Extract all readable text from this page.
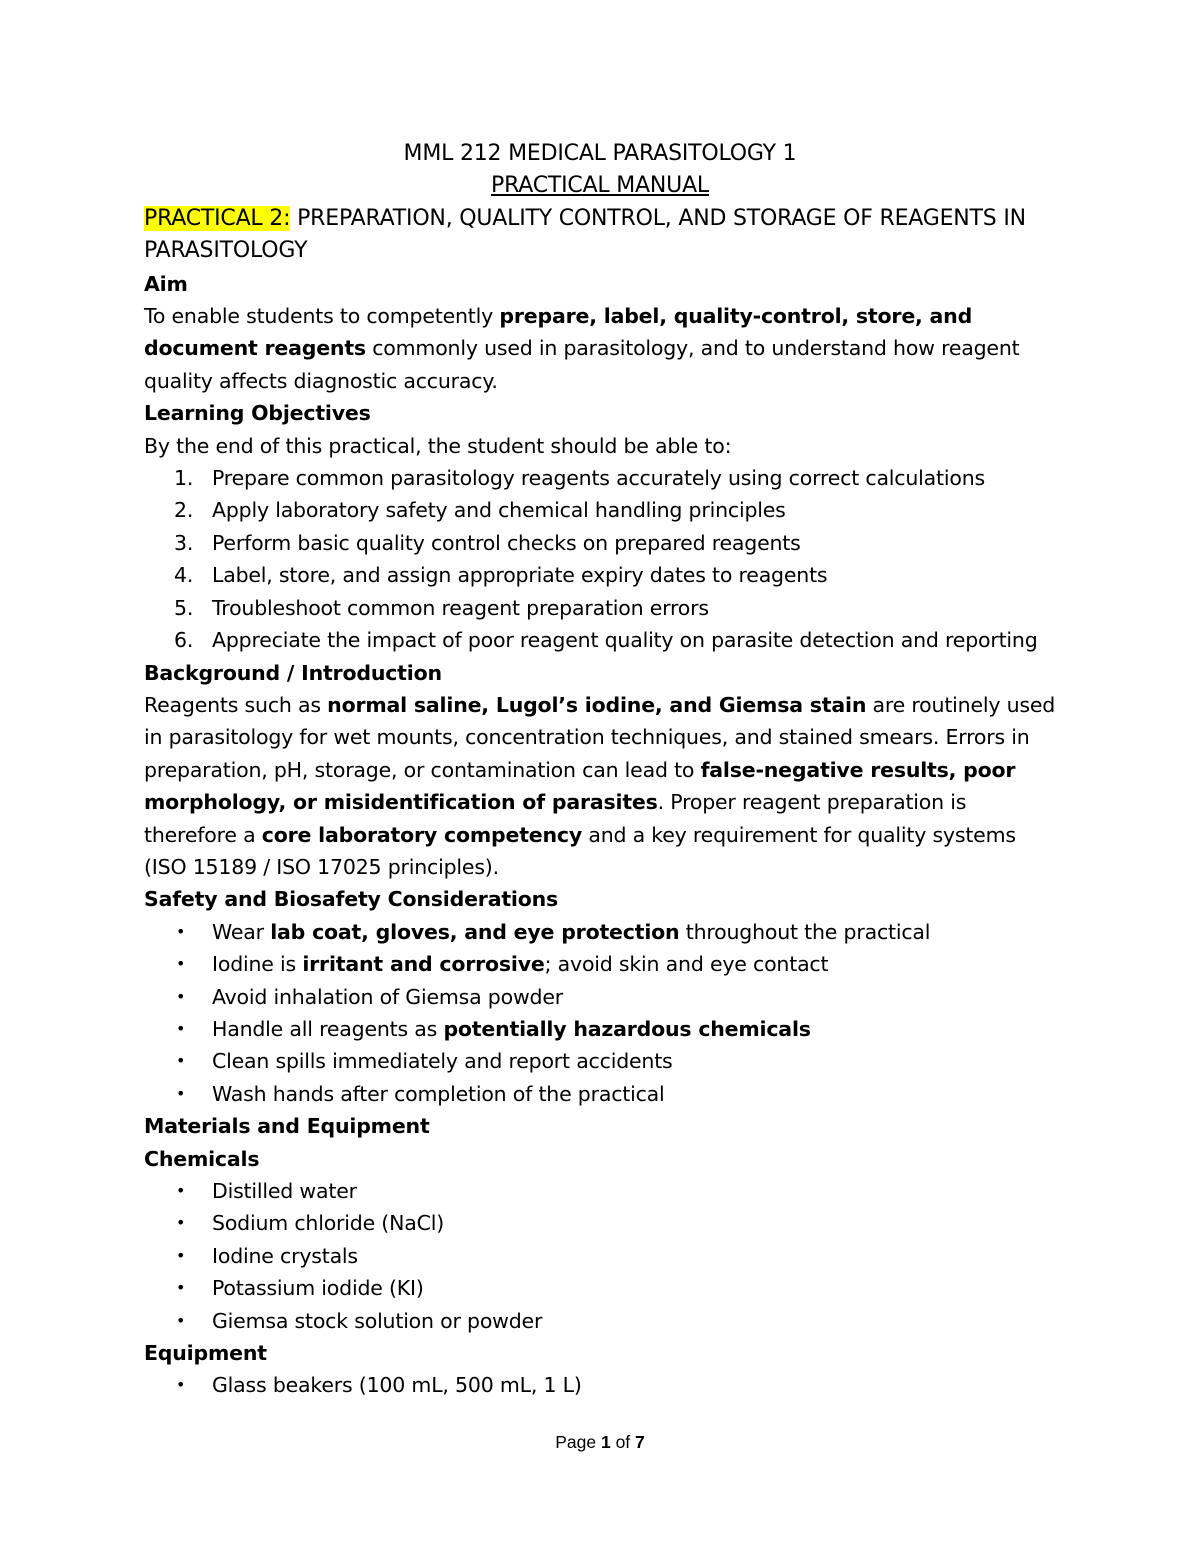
MML 212 MEDICAL PARASITOLOGY 1

PRACTICAL MANUAL

PRACTICAL 2: PREPARATION, QUALITY CONTROL, AND STORAGE OF REAGENTS IN PARASITOLOGY

Aim

To enable students to competently prepare, label, quality-control, store, and document reagents commonly used in parasitology, and to understand how reagent quality affects diagnostic accuracy.

Learning Objectives

By the end of this practical, the student should be able to:

1. Prepare common parasitology reagents accurately using correct calculations
2. Apply laboratory safety and chemical handling principles
3. Perform basic quality control checks on prepared reagents
4. Label, store, and assign appropriate expiry dates to reagents
5. Troubleshoot common reagent preparation errors
6. Appreciate the impact of poor reagent quality on parasite detection and reporting

Background / Introduction

Reagents such as normal saline, Lugol’s iodine, and Giemsa stain are routinely used in parasitology for wet mounts, concentration techniques, and stained smears. Errors in preparation, pH, storage, or contamination can lead to false-negative results, poor morphology, or misidentification of parasites. Proper reagent preparation is therefore a core laboratory competency and a key requirement for quality systems (ISO 15189 / ISO 17025 principles).

Safety and Biosafety Considerations

• Wear lab coat, gloves, and eye protection throughout the practical
• Iodine is irritant and corrosive; avoid skin and eye contact
• Avoid inhalation of Giemsa powder
• Handle all reagents as potentially hazardous chemicals
• Clean spills immediately and report accidents
• Wash hands after completion of the practical

Materials and Equipment

Chemicals

• Distilled water
• Sodium chloride (NaCl)
• Iodine crystals
• Potassium iodide (KI)
• Giemsa stock solution or powder

Equipment

• Glass beakers (100 mL, 500 mL, 1 L)
Page 1 of 7
